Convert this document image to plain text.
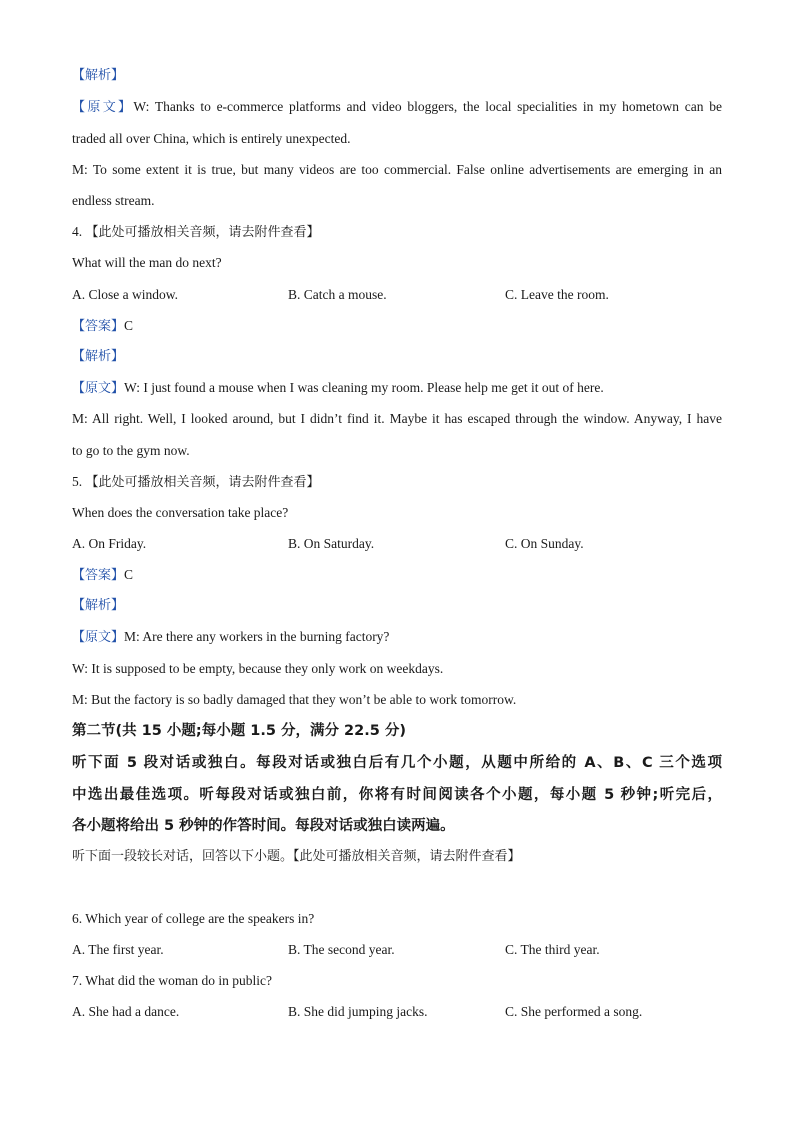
【解析】
【原文】W: Thanks to e-commerce platforms and video bloggers, the local specialities in my hometown can be
traded all over China, which is entirely unexpected.
M: To some extent it is true, but many videos are too commercial. False online advertisements are emerging in an
endless stream.
4. 【此处可播放相关音频，请去附件查看】
What will the man do next?
A. Close a window.	B. Catch a mouse.	C. Leave the room.
【答案】C
【解析】
【原文】W: I just found a mouse when I was cleaning my room. Please help me get it out of here.
M: All right. Well, I looked around, but I didn’t find it. Maybe it has escaped through the window. Anyway, I have
to go to the gym now.
5. 【此处可播放相关音频，请去附件查看】
When does the conversation take place?
A. On Friday.	B. On Saturday.	C. On Sunday.
【答案】C
【解析】
【原文】M: Are there any workers in the burning factory?
W: It is supposed to be empty, because they only work on weekdays.
M: But the factory is so badly damaged that they won’t be able to work tomorrow.
第二节(共 15 小题;每小题 1.5 分，满分 22.5 分)
听下面 5 段对话或独白。每段对话或独白后有几个小题，从题中所给的 A、B、C 三个选项
中选出最佳选项。听每段对话或独白前，你将有时间阅读各个小题，每小题 5 秒钟;听完后，
各小题将给出 5 秒钟的作答时间。每段对话或独白读两遍。
听下面一段较长对话，回答以下小题。【此处可播放相关音频，请去附件查看】
6. Which year of college are the speakers in?
A. The first year.	B. The second year.	C. The third year.
7. What did the woman do in public?
A. She had a dance.	B. She did jumping jacks.	C. She performed a song.
